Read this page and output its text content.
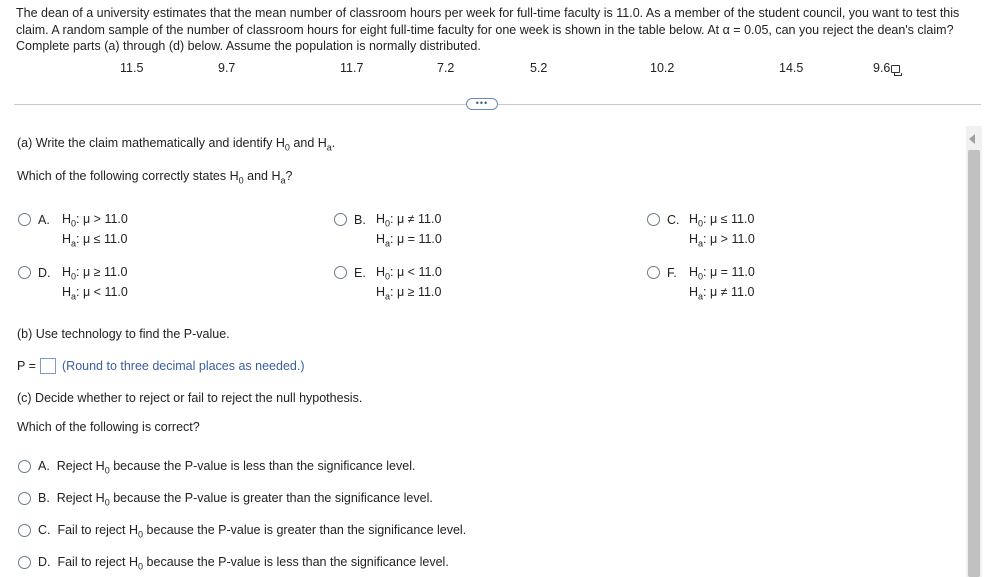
The dean of a university estimates that the mean number of classroom hours per week for full-time faculty is 11.0. As a member of the student council, you want to test this claim. A random sample of the number of classroom hours for eight full-time faculty for one week is shown in the table below. At α = 0.05, can you reject the dean's claim? Complete parts (a) through (d) below. Assume the population is normally distributed.
11.5	9.7	11.7	7.2	5.2	10.2	14.5	9.6
•••
(a) Write the claim mathematically and identify $H_0$ and $H_a$.
Which of the following correctly states $H_0$ and $H_a$?
A. $H_0$: μ > 11.0
$H_a$: μ ≤ 11.0
B. $H_0$: μ ≠ 11.0
$H_a$: μ = 11.0
C. $H_0$: μ ≤ 11.0
$H_a$: μ > 11.0
D. $H_0$: μ ≥ 11.0
$H_a$: μ < 11.0
E. $H_0$: μ < 11.0
$H_a$: μ ≥ 11.0
F. $H_0$: μ = 11.0
$H_a$: μ ≠ 11.0
(b) Use technology to find the P-value.
P = (Round to three decimal places as needed.)
(c) Decide whether to reject or fail to reject the null hypothesis.
Which of the following is correct?
A. Reject $H_0$ because the P-value is less than the significance level.
B. Reject $H_0$ because the P-value is greater than the significance level.
C. Fail to reject $H_0$ because the P-value is greater than the significance level.
D. Fail to reject $H_0$ because the P-value is less than the significance level.
